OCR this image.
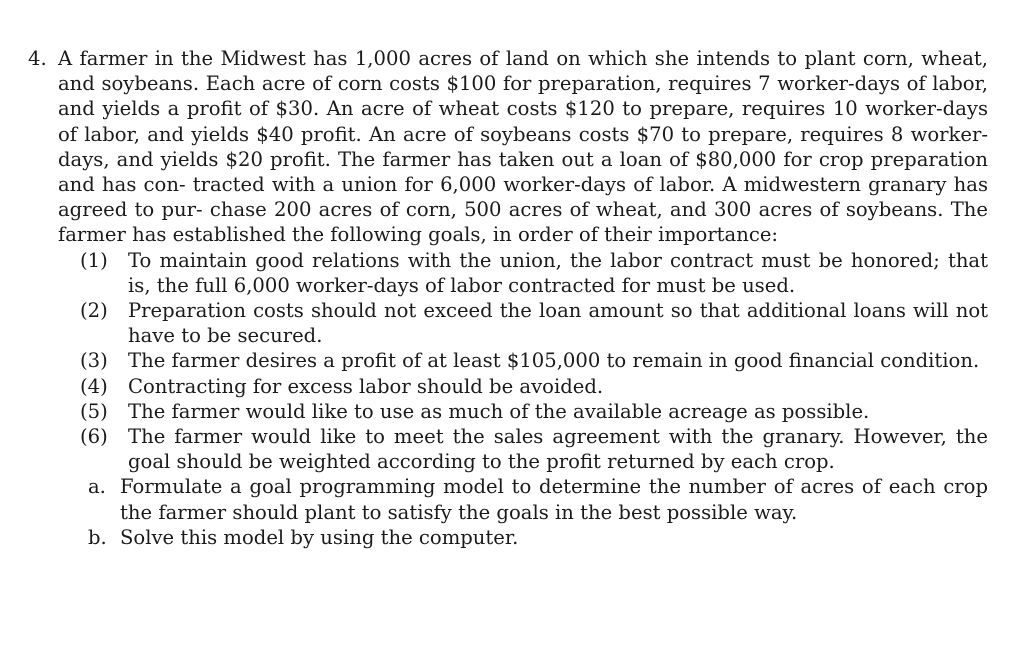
4. A farmer in the Midwest has 1,000 acres of land on which she intends to plant corn, wheat, and soybeans. Each acre of corn costs $100 for preparation, requires 7 worker-days of labor, and yields a profit of $30. An acre of wheat costs $120 to prepare, requires 10 worker-days of labor, and yields $40 profit. An acre of soybeans costs $70 to prepare, requires 8 worker-days, and yields $20 profit. The farmer has taken out a loan of $80,000 for crop preparation and has con- tracted with a union for 6,000 worker-days of labor. A midwestern granary has agreed to pur- chase 200 acres of corn, 500 acres of wheat, and 300 acres of soybeans. The farmer has established the following goals, in order of their importance:
(1)	To maintain good relations with the union, the labor contract must be honored; that is, the full 6,000 worker-days of labor contracted for must be used.
(2)	Preparation costs should not exceed the loan amount so that additional loans will not have to be secured.
(3)	The farmer desires a profit of at least $105,000 to remain in good financial condition.
(4)	Contracting for excess labor should be avoided.
(5)	The farmer would like to use as much of the available acreage as possible.
(6)	The farmer would like to meet the sales agreement with the granary. However, the goal should be weighted according to the profit returned by each crop.
a. Formulate a goal programming model to determine the number of acres of each crop the farmer should plant to satisfy the goals in the best possible way.
b. Solve this model by using the computer.
